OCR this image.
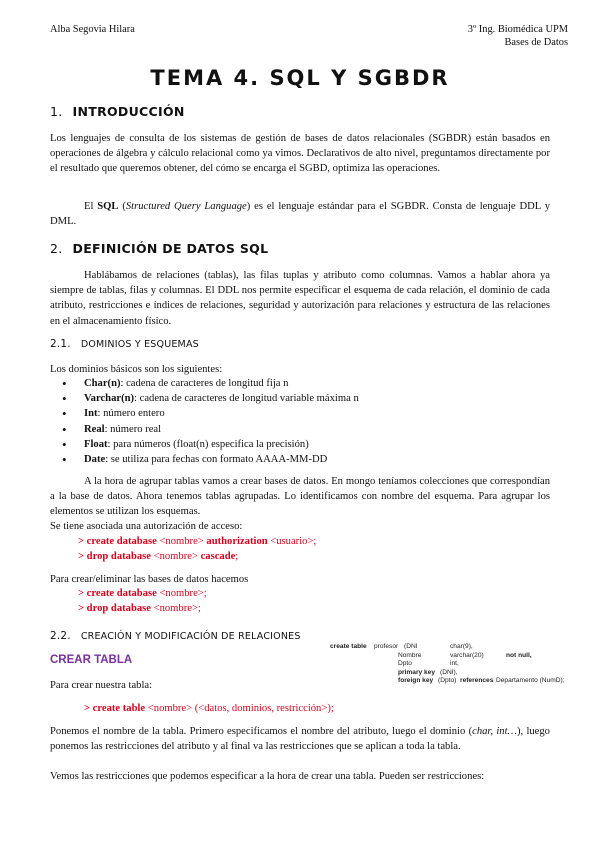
Alba Segovia Hilara	3º Ing. Biomédica UPM
Bases de Datos
TEMA 4. SQL Y SGBDR
1. INTRODUCCIÓN
Los lenguajes de consulta de los sistemas de gestión de bases de datos relacionales (SGBDR) están basados en operaciones de álgebra y cálculo relacional como ya vimos. Declarativos de alto nivel, preguntamos directamente por el resultado que queremos obtener, del cómo se encarga el SGBD, optimiza las operaciones.
El SQL (Structured Query Language) es el lenguaje estándar para el SGBDR. Consta de lenguaje DDL y DML.
2. DEFINICIÓN DE DATOS SQL
Hablábamos de relaciones (tablas), las filas tuplas y atributo como columnas. Vamos a hablar ahora ya siempre de tablas, filas y columnas. El DDL nos permite especificar el esquema de cada relación, el dominio de cada atributo, restricciones e índices de relaciones, seguridad y autorización para relaciones y estructura de las relaciones en el almacenamiento físico.
2.1. DOMINIOS Y ESQUEMAS
Los dominios básicos son los siguientes:
• Char(n): cadena de caracteres de longitud fija n
• Varchar(n): cadena de caracteres de longitud variable máxima n
• Int: número entero
• Real: número real
• Float: para números (float(n) especifica la precisión)
• Date: se utiliza para fechas con formato AAAA-MM-DD
A la hora de agrupar tablas vamos a crear bases de datos. En mongo teníamos colecciones que correspondían a la base de datos. Ahora tenemos tablas agrupadas. Lo identificamos con nombre del esquema. Para agrupar los elementos se utilizan los esquemas.
Se tiene asociada una autorización de acceso:
> create database <nombre> authorization <usuario>;
> drop database <nombre> cascade;
Para crear/eliminar las bases de datos hacemos
> create database <nombre>;
> drop database <nombre>;
2.2. CREACIÓN Y MODIFICACIÓN DE RELACIONES
create table profesor (DNI	char(9),
Nombre	varchar(20)	not null,
Dpto	int,
primary key (DNI),
foreign key (Dpto) references Departamento (NumD);
CREAR TABLA
Para crear nuestra tabla:
> create table <nombre> (<datos, dominios, restricción>);
Ponemos el nombre de la tabla. Primero especificamos el nombre del atributo, luego el dominio (char, int…), luego ponemos las restricciones del atributo y al final va las restricciones que se aplican a toda la tabla.
Vemos las restricciones que podemos especificar a la hora de crear una tabla. Pueden ser restricciones:
